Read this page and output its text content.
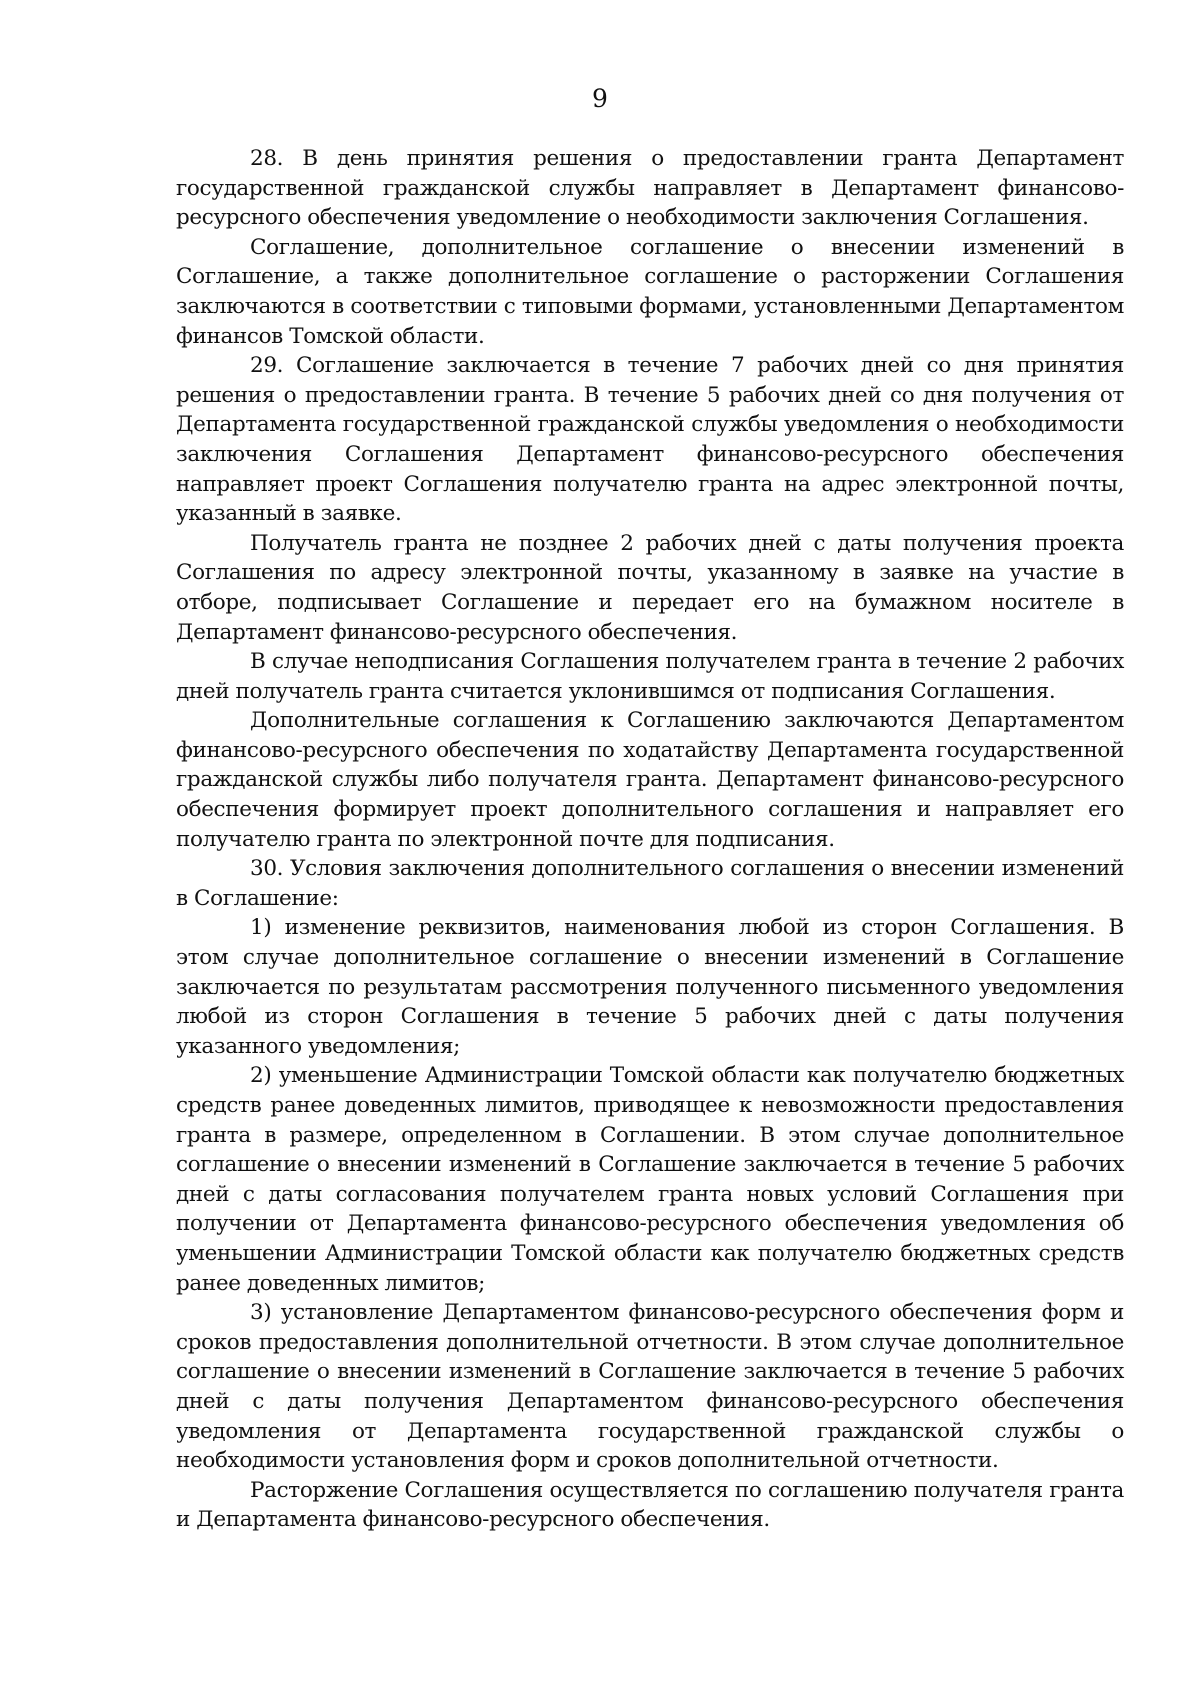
9

28. В день принятия решения о предоставлении гранта Департамент государственной гражданской службы направляет в Департамент финансово-ресурсного обеспечения уведомление о необходимости заключения Соглашения.

Соглашение, дополнительное соглашение о внесении изменений в Соглашение, а также дополнительное соглашение о расторжении Соглашения заключаются в соответствии с типовыми формами, установленными Департаментом финансов Томской области.

29. Соглашение заключается в течение 7 рабочих дней со дня принятия решения о предоставлении гранта. В течение 5 рабочих дней со дня получения от Департамента государственной гражданской службы уведомления о необходимости заключения Соглашения Департамент финансово-ресурсного обеспечения направляет проект Соглашения получателю гранта на адрес электронной почты, указанный в заявке.

Получатель гранта не позднее 2 рабочих дней с даты получения проекта Соглашения по адресу электронной почты, указанному в заявке на участие в отборе, подписывает Соглашение и передает его на бумажном носителе в Департамент финансово-ресурсного обеспечения.

В случае неподписания Соглашения получателем гранта в течение 2 рабочих дней получатель гранта считается уклонившимся от подписания Соглашения.

Дополнительные соглашения к Соглашению заключаются Департаментом финансово-ресурсного обеспечения по ходатайству Департамента государственной гражданской службы либо получателя гранта. Департамент финансово-ресурсного обеспечения формирует проект дополнительного соглашения и направляет его получателю гранта по электронной почте для подписания.

30. Условия заключения дополнительного соглашения о внесении изменений в Соглашение:

1) изменение реквизитов, наименования любой из сторон Соглашения. В этом случае дополнительное соглашение о внесении изменений в Соглашение заключается по результатам рассмотрения полученного письменного уведомления любой из сторон Соглашения в течение 5 рабочих дней с даты получения указанного уведомления;

2) уменьшение Администрации Томской области как получателю бюджетных средств ранее доведенных лимитов, приводящее к невозможности предоставления гранта в размере, определенном в Соглашении. В этом случае дополнительное соглашение о внесении изменений в Соглашение заключается в течение 5 рабочих дней с даты согласования получателем гранта новых условий Соглашения при получении от Департамента финансово-ресурсного обеспечения уведомления об уменьшении Администрации Томской области как получателю бюджетных средств ранее доведенных лимитов;

3) установление Департаментом финансово-ресурсного обеспечения форм и сроков предоставления дополнительной отчетности. В этом случае дополнительное соглашение о внесении изменений в Соглашение заключается в течение 5 рабочих дней с даты получения Департаментом финансово-ресурсного обеспечения уведомления от Департамента государственной гражданской службы о необходимости установления форм и сроков дополнительной отчетности.

Расторжение Соглашения осуществляется по соглашению получателя гранта и Департамента финансово-ресурсного обеспечения.
